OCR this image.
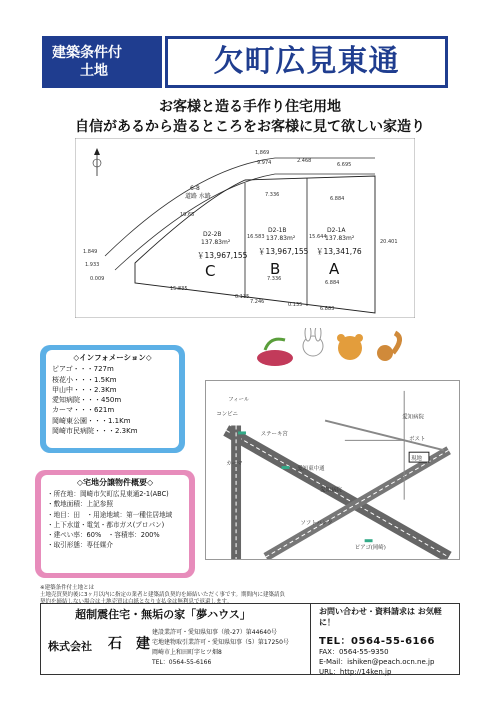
建築条件付
土地	欠町広見東通
お客様と造る手作り住宅用地
自信があるから造るところをお客様に見て欲しい家造り
道路 水路
6-8
D2-2B
137.83m²
￥13,967,155
C
D2-1B
137.83m²
￥13,967,155
B
D2-1A
137.83m²
￥13,341,76
A
1,869
9.974	2.468
6.695
7.336
6.884
19.65
16.583
20.401
7.336
6.884
15.835
7.246
6.883
1.849
1.933
0.009
0.135
0.135
15.644
◇インフォメーション◇
ピアゴ・・・727m
桜花小・・・1.5Km
甲山中・・・2.3Km
愛知病院・・・450m
カーマ・・・621m
岡崎東公園・・・1.1Km
岡崎市民病院・・・2.3Km
◇宅地分譲物件概要◇
・所在地：岡崎市欠町広見東通2-1(ABC)
・敷地面積：上記参照
・地目：田　・用途地域：第一種住居地域
・上下水道・電気・都市ガス(プロパン)
・建ぺい率：60%　・容積率：200%
・取引形態：専任媒介
現地
フィール
コンビニ
ステーキ宮
カーマ
愛知病院
愛知病院
ソフトバンク
ピアゴ(岡崎)
愛知東中通
ポスト
※建築条件付土地とは
土地売買契約後に3ヶ月以内に指定の業者と建築請負契約を締結いただく事です。期間内に建築請負契約を締結しない場合は土地売買は白紙となり支払金は無利息で返還します。
超制震住宅・無垢の家「夢ハウス」
株式会社 石　建
建設業許可・愛知県知事（般-27）第44640号
宅地建物取引業許可・愛知県知事（5）第17250号
岡崎市上和田町字ヒツ畑8
TEL：0564-55-6166
お問い合わせ・資料請求は お気軽に！
TEL：0564-55-6166
FAX：0564-55-9350
E-Mail：ishiken@peach.ocn.ne.jp
URL：http://14ken.jp
